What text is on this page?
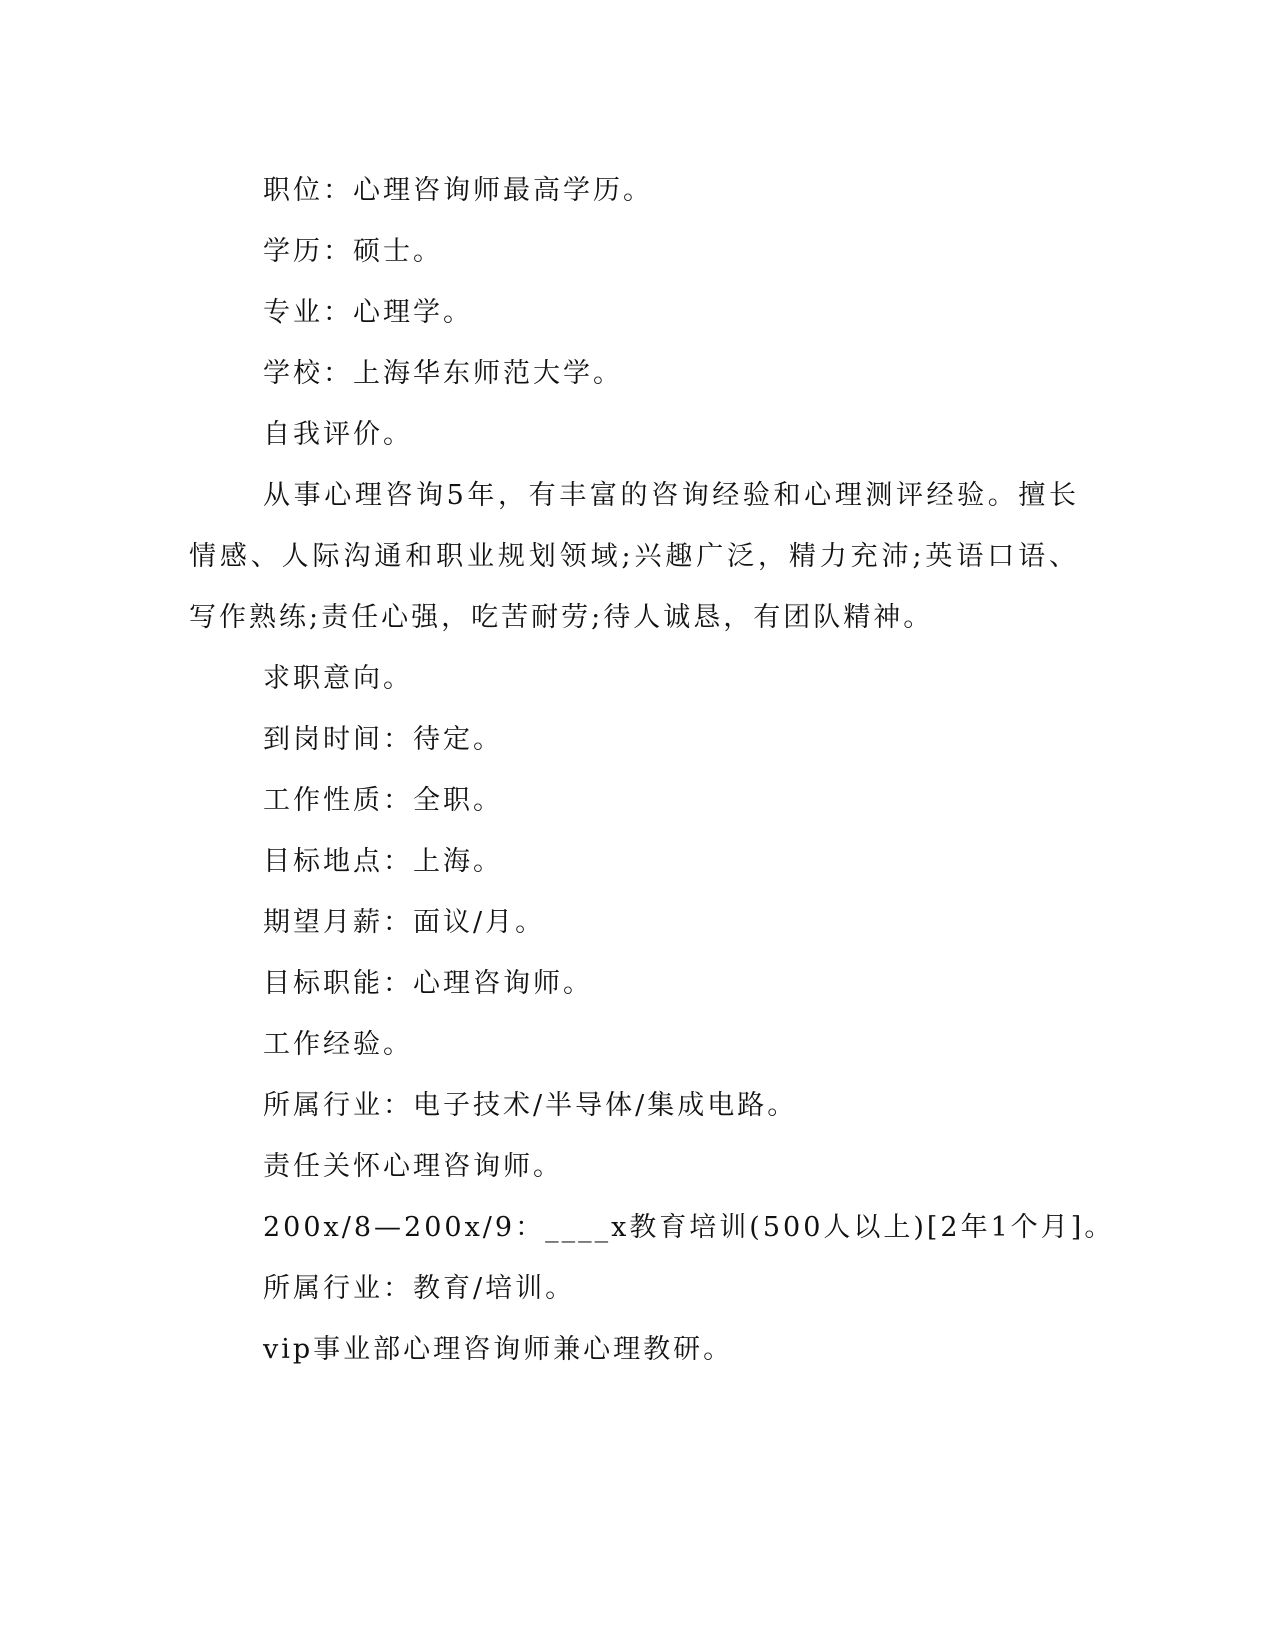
职位：心理咨询师最高学历。

学历：硕士。

专业：心理学。

学校：上海华东师范大学。

自我评价。

从事心理咨询5年，有丰富的咨询经验和心理测评经验。擅长情感、人际沟通和职业规划领域;兴趣广泛，精力充沛;英语口语、写作熟练;责任心强，吃苦耐劳;待人诚恳，有团队精神。

求职意向。

到岗时间：待定。

工作性质：全职。

目标地点：上海。

期望月薪：面议/月。

目标职能：心理咨询师。

工作经验。

所属行业：电子技术/半导体/集成电路。

责任关怀心理咨询师。

200x/8—200x/9：____x教育培训(500人以上)[2年1个月]。

所属行业：教育/培训。

vip事业部心理咨询师兼心理教研。
